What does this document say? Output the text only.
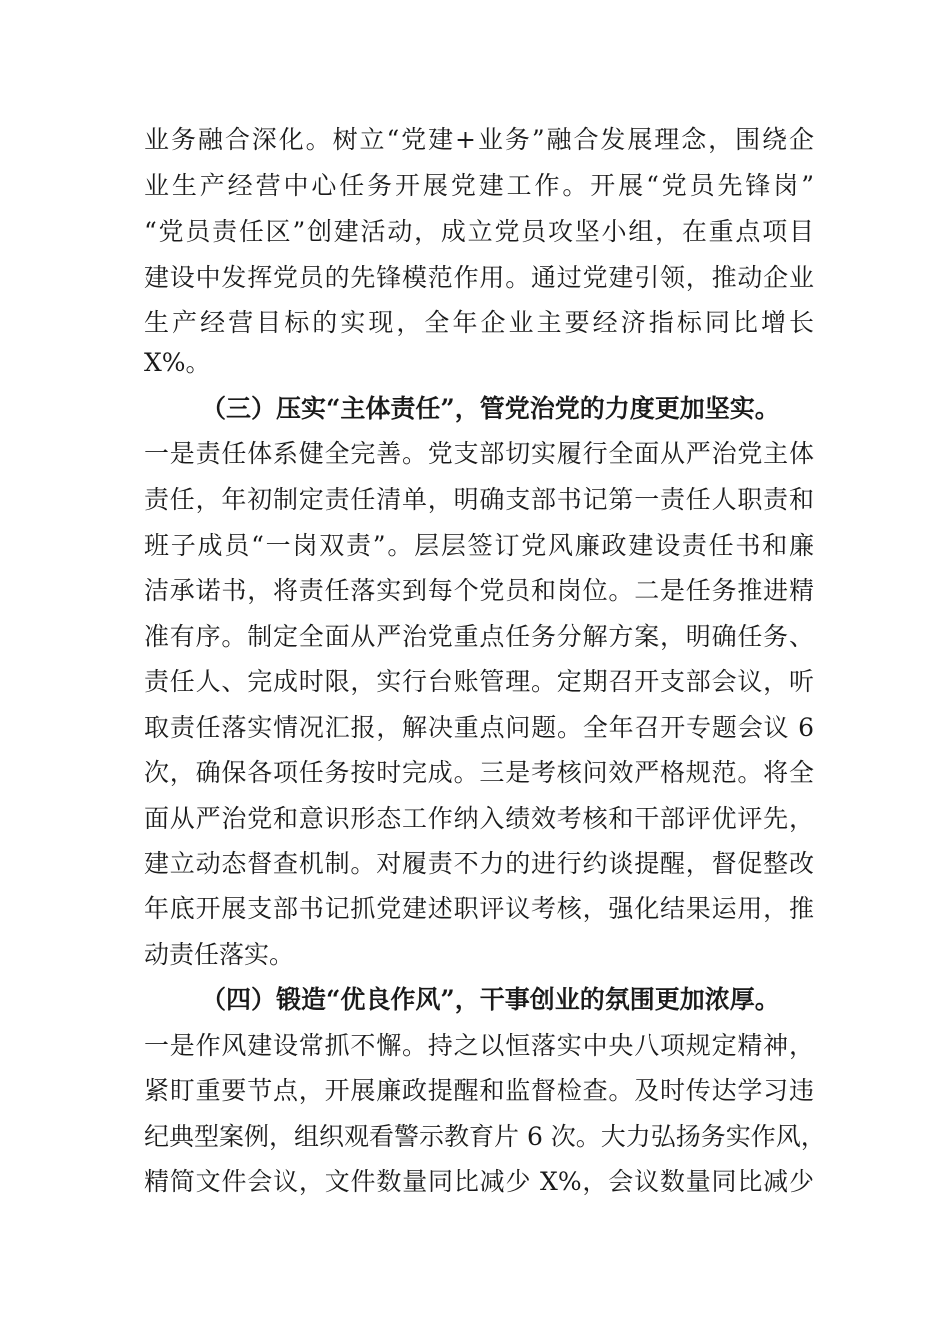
业务融合深化。树立“党建+业务”融合发展理念，围绕企
业生产经营中心任务开展党建工作。开展“党员先锋岗”
“党员责任区”创建活动，成立党员攻坚小组，在重点项目
建设中发挥党员的先锋模范作用。通过党建引领，推动企业
生产经营目标的实现，全年企业主要经济指标同比增长
X%。
（三）压实“主体责任”，管党治党的力度更加坚实。
一是责任体系健全完善。党支部切实履行全面从严治党主体
责任，年初制定责任清单，明确支部书记第一责任人职责和
班子成员“一岗双责”。层层签订党风廉政建设责任书和廉
洁承诺书，将责任落实到每个党员和岗位。二是任务推进精
准有序。制定全面从严治党重点任务分解方案，明确任务、
责任人、完成时限，实行台账管理。定期召开支部会议，听
取责任落实情况汇报，解决重点问题。全年召开专题会议 6
次，确保各项任务按时完成。三是考核问效严格规范。将全
面从严治党和意识形态工作纳入绩效考核和干部评优评先，
建立动态督查机制。对履责不力的进行约谈提醒，督促整改
年底开展支部书记抓党建述职评议考核，强化结果运用，推
动责任落实。
（四）锻造“优良作风”，干事创业的氛围更加浓厚。
一是作风建设常抓不懈。持之以恒落实中央八项规定精神，
紧盯重要节点，开展廉政提醒和监督检查。及时传达学习违
纪典型案例，组织观看警示教育片 6 次。大力弘扬务实作风，
精简文件会议，文件数量同比减少 X%，会议数量同比减少
